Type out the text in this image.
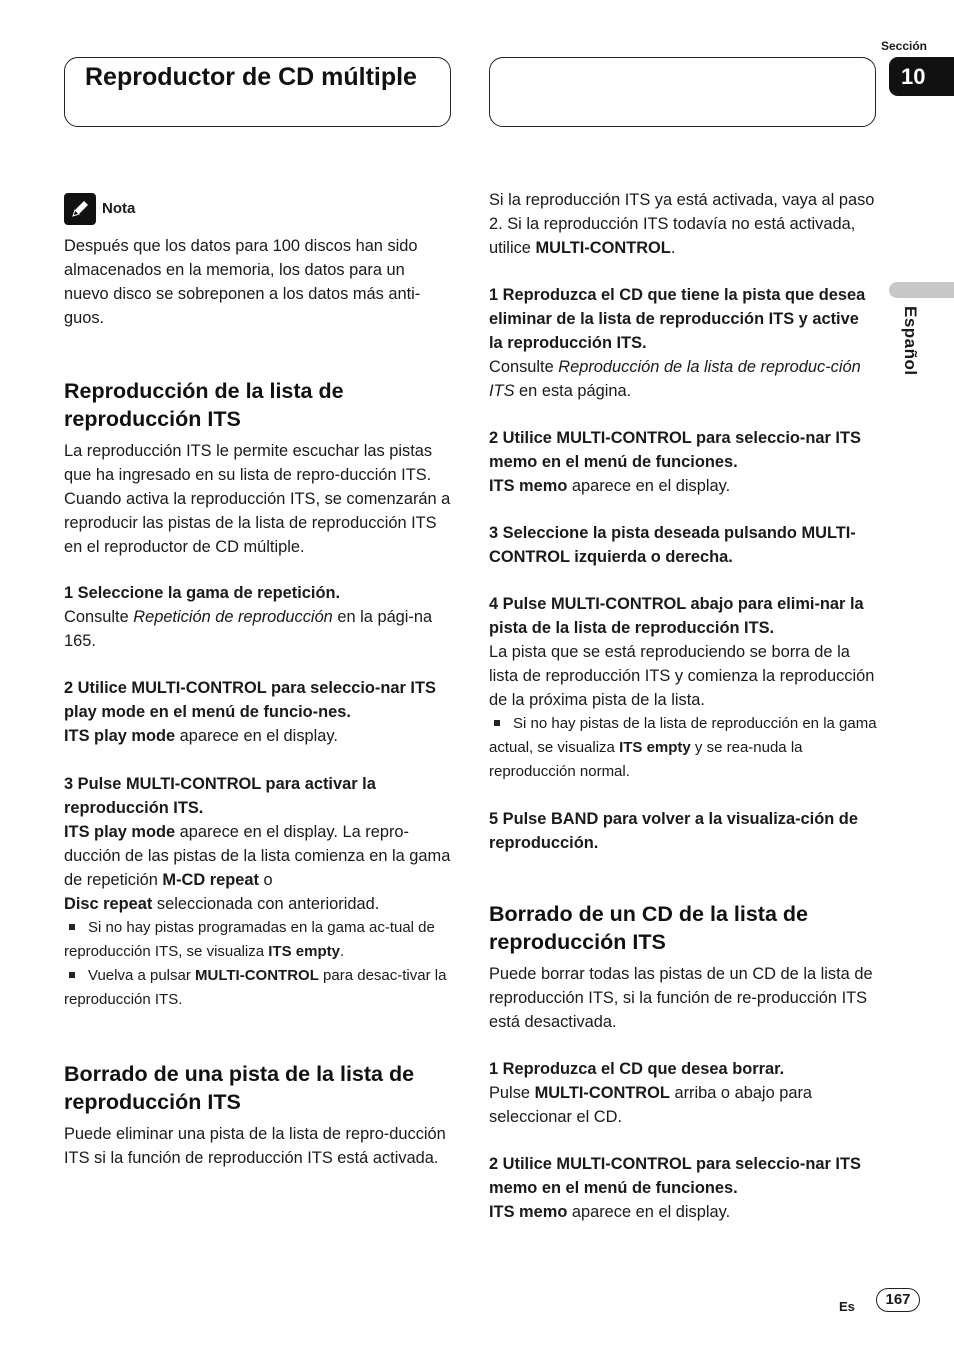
Reproductor de CD múltiple
Sección
10
Español
Nota

Después que los datos para 100 discos han sido almacenados en la memoria, los datos para un nuevo disco se sobreponen a los datos más anti-guos.

Reproducción de la lista de reproducción ITS

La reproducción ITS le permite escuchar las pistas que ha ingresado en su lista de repro-ducción ITS. Cuando activa la reproducción ITS, se comenzarán a reproducir las pistas de la lista de reproducción ITS en el reproductor de CD múltiple.

1 Seleccione la gama de repetición.

Consulte Repetición de reproducción en la pági-na 165.

2 Utilice MULTI-CONTROL para seleccio-nar ITS play mode en el menú de funcio-nes.

ITS play mode aparece en el display.

3 Pulse MULTI-CONTROL para activar la reproducción ITS.

ITS play mode aparece en el display. La repro-ducción de las pistas de la lista comienza en la gama de repetición M-CD repeat o
Disc repeat seleccionada con anterioridad.

Si no hay pistas programadas en la gama ac-tual de reproducción ITS, se visualiza ITS empty.

Vuelva a pulsar MULTI-CONTROL para desac-tivar la reproducción ITS.

Borrado de una pista de la lista de reproducción ITS

Puede eliminar una pista de la lista de repro-ducción ITS si la función de reproducción ITS está activada.

Si la reproducción ITS ya está activada, vaya al paso 2. Si la reproducción ITS todavía no está activada, utilice MULTI-CONTROL.

1 Reproduzca el CD que tiene la pista que desea eliminar de la lista de reproducción ITS y active la reproducción ITS.

Consulte Reproducción de la lista de reproduc-ción ITS en esta página.

2 Utilice MULTI-CONTROL para seleccio-nar ITS memo en el menú de funciones.

ITS memo aparece en el display.

3 Seleccione la pista deseada pulsando MULTI-CONTROL izquierda o derecha.

4 Pulse MULTI-CONTROL abajo para elimi-nar la pista de la lista de reproducción ITS.

La pista que se está reproduciendo se borra de la lista de reproducción ITS y comienza la reproducción de la próxima pista de la lista.

Si no hay pistas de la lista de reproducción en la gama actual, se visualiza ITS empty y se rea-nuda la reproducción normal.

5 Pulse BAND para volver a la visualiza-ción de reproducción.

Borrado de un CD de la lista de reproducción ITS

Puede borrar todas las pistas de un CD de la lista de reproducción ITS, si la función de re-producción ITS está desactivada.

1 Reproduzca el CD que desea borrar.

Pulse MULTI-CONTROL arriba o abajo para seleccionar el CD.

2 Utilice MULTI-CONTROL para seleccio-nar ITS memo en el menú de funciones.

ITS memo aparece en el display.

Es	167
